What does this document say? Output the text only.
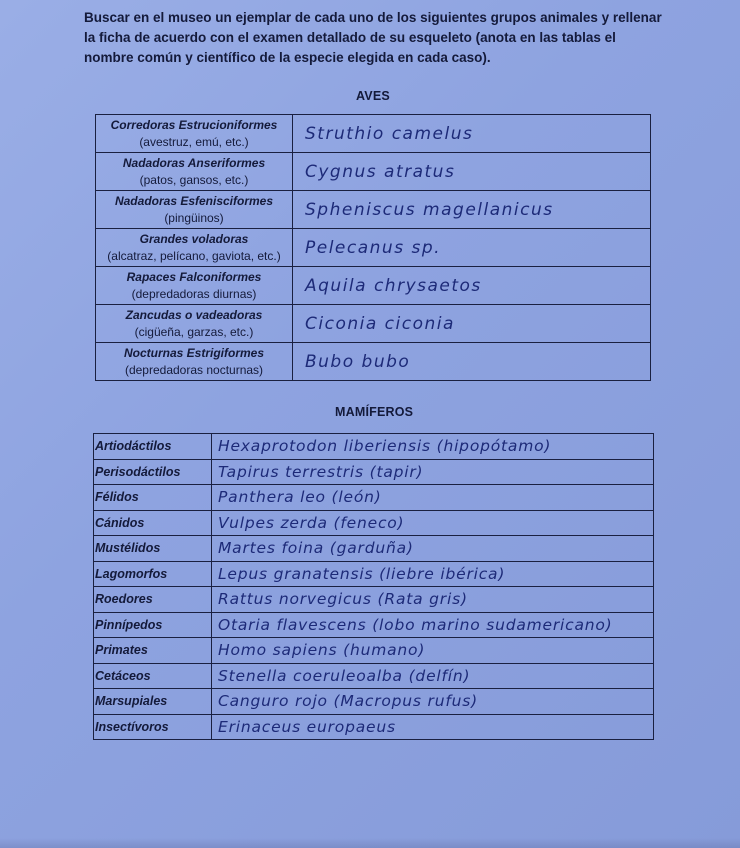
Buscar en el museo un ejemplar de cada uno de los siguientes grupos animales y rellenar la ficha de acuerdo con el examen detallado de su esqueleto (anota en las tablas el nombre común y científico de la especie elegida en cada caso).
AVES
Corredoras Estrucioniformes
(avestruz, emú, etc.)	Struthio camelus

Nadadoras Anseriformes
(patos, gansos, etc.)	Cygnus atratus

Nadadoras Esfenisciformes
(pingüinos)	Spheniscus magellanicus

Grandes voladoras
(alcatraz, pelícano, gaviota, etc.)	Pelecanus sp.

Rapaces Falconiformes
(depredadoras diurnas)	Aquila chrysaetos

Zancudas o vadeadoras
(cigüeña, garzas, etc.)	Ciconia ciconia

Nocturnas Estrigiformes
(depredadoras nocturnas)	Bubo bubo
MAMÍFEROS
Artiodáctilos	Hexaprotodon liberiensis (hipopótamo)
Perisodáctilos	Tapirus terrestris (tapir)
Félidos	Panthera leo (león)
Cánidos	Vulpes zerda (feneco)
Mustélidos	Martes foina (garduña)
Lagomorfos	Lepus granatensis (liebre ibérica)
Roedores	Rattus norvegicus (Rata gris)
Pinnípedos	Otaria flavescens (lobo marino sudamericano)
Primates	Homo sapiens (humano)
Cetáceos	Stenella coeruleoalba (delfín)
Marsupiales	Canguro rojo (Macropus rufus)
Insectívoros	Erinaceus europaeus
